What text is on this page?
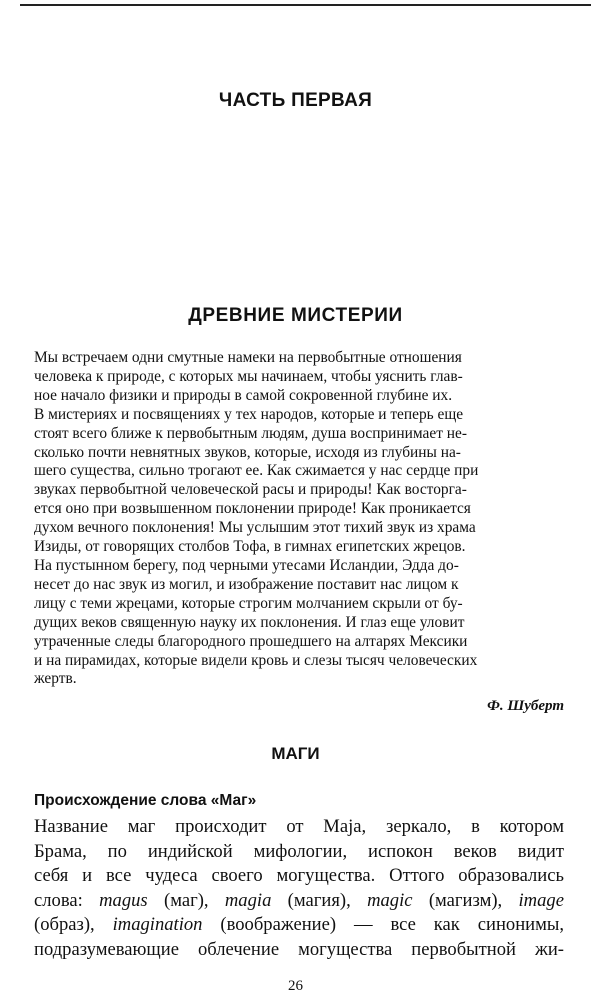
ЧАСТЬ ПЕРВАЯ
ДРЕВНИЕ МИСТЕРИИ

Мы встречаем одни смутные намеки на первобытные отношения

человека к природе, с которых мы начинаем, чтобы уяснить глав-

ное начало физики и природы в самой сокровенной глубине их.

В мистериях и посвящениях у тех народов, которые и теперь еще

стоят всего ближе к первобытным людям, душа воспринимает не-

сколько почти невнятных звуков, которые, исходя из глубины на-

шего существа, сильно трогают ее. Как сжимается у нас сердце при

звуках первобытной человеческой расы и природы! Как восторга-

ется оно при возвышенном поклонении природе! Как проникается

духом вечного поклонения! Мы услышим этот тихий звук из храма

Изиды, от говорящих столбов Тофа, в гимнах египетских жрецов.

На пустынном берегу, под черными утесами Исландии, Эдда до-

несет до нас звук из могил, и изображение поставит нас лицом к

лицу с теми жрецами, которые строгим молчанием скрыли от бу-

дущих веков священную науку их поклонения. И глаз еще уловит

утраченные следы благородного прошедшего на алтарях Мексики

и на пирамидах, которые видели кровь и слезы тысяч человеческих

жертв.

Ф. Шуберт
МАГИ
Происхождение слова «Маг»
Название маг происходит от Maja, зеркало, в котором
Брама, по индийской мифологии, испокон веков видит
себя и все чудеса своего могущества. Оттого образовались
слова: magus (маг), magia (магия), magic (магизм), image
(образ), imagination (воображение) — все как синонимы,
подразумевающие облечение могущества первобытной жи-
26
